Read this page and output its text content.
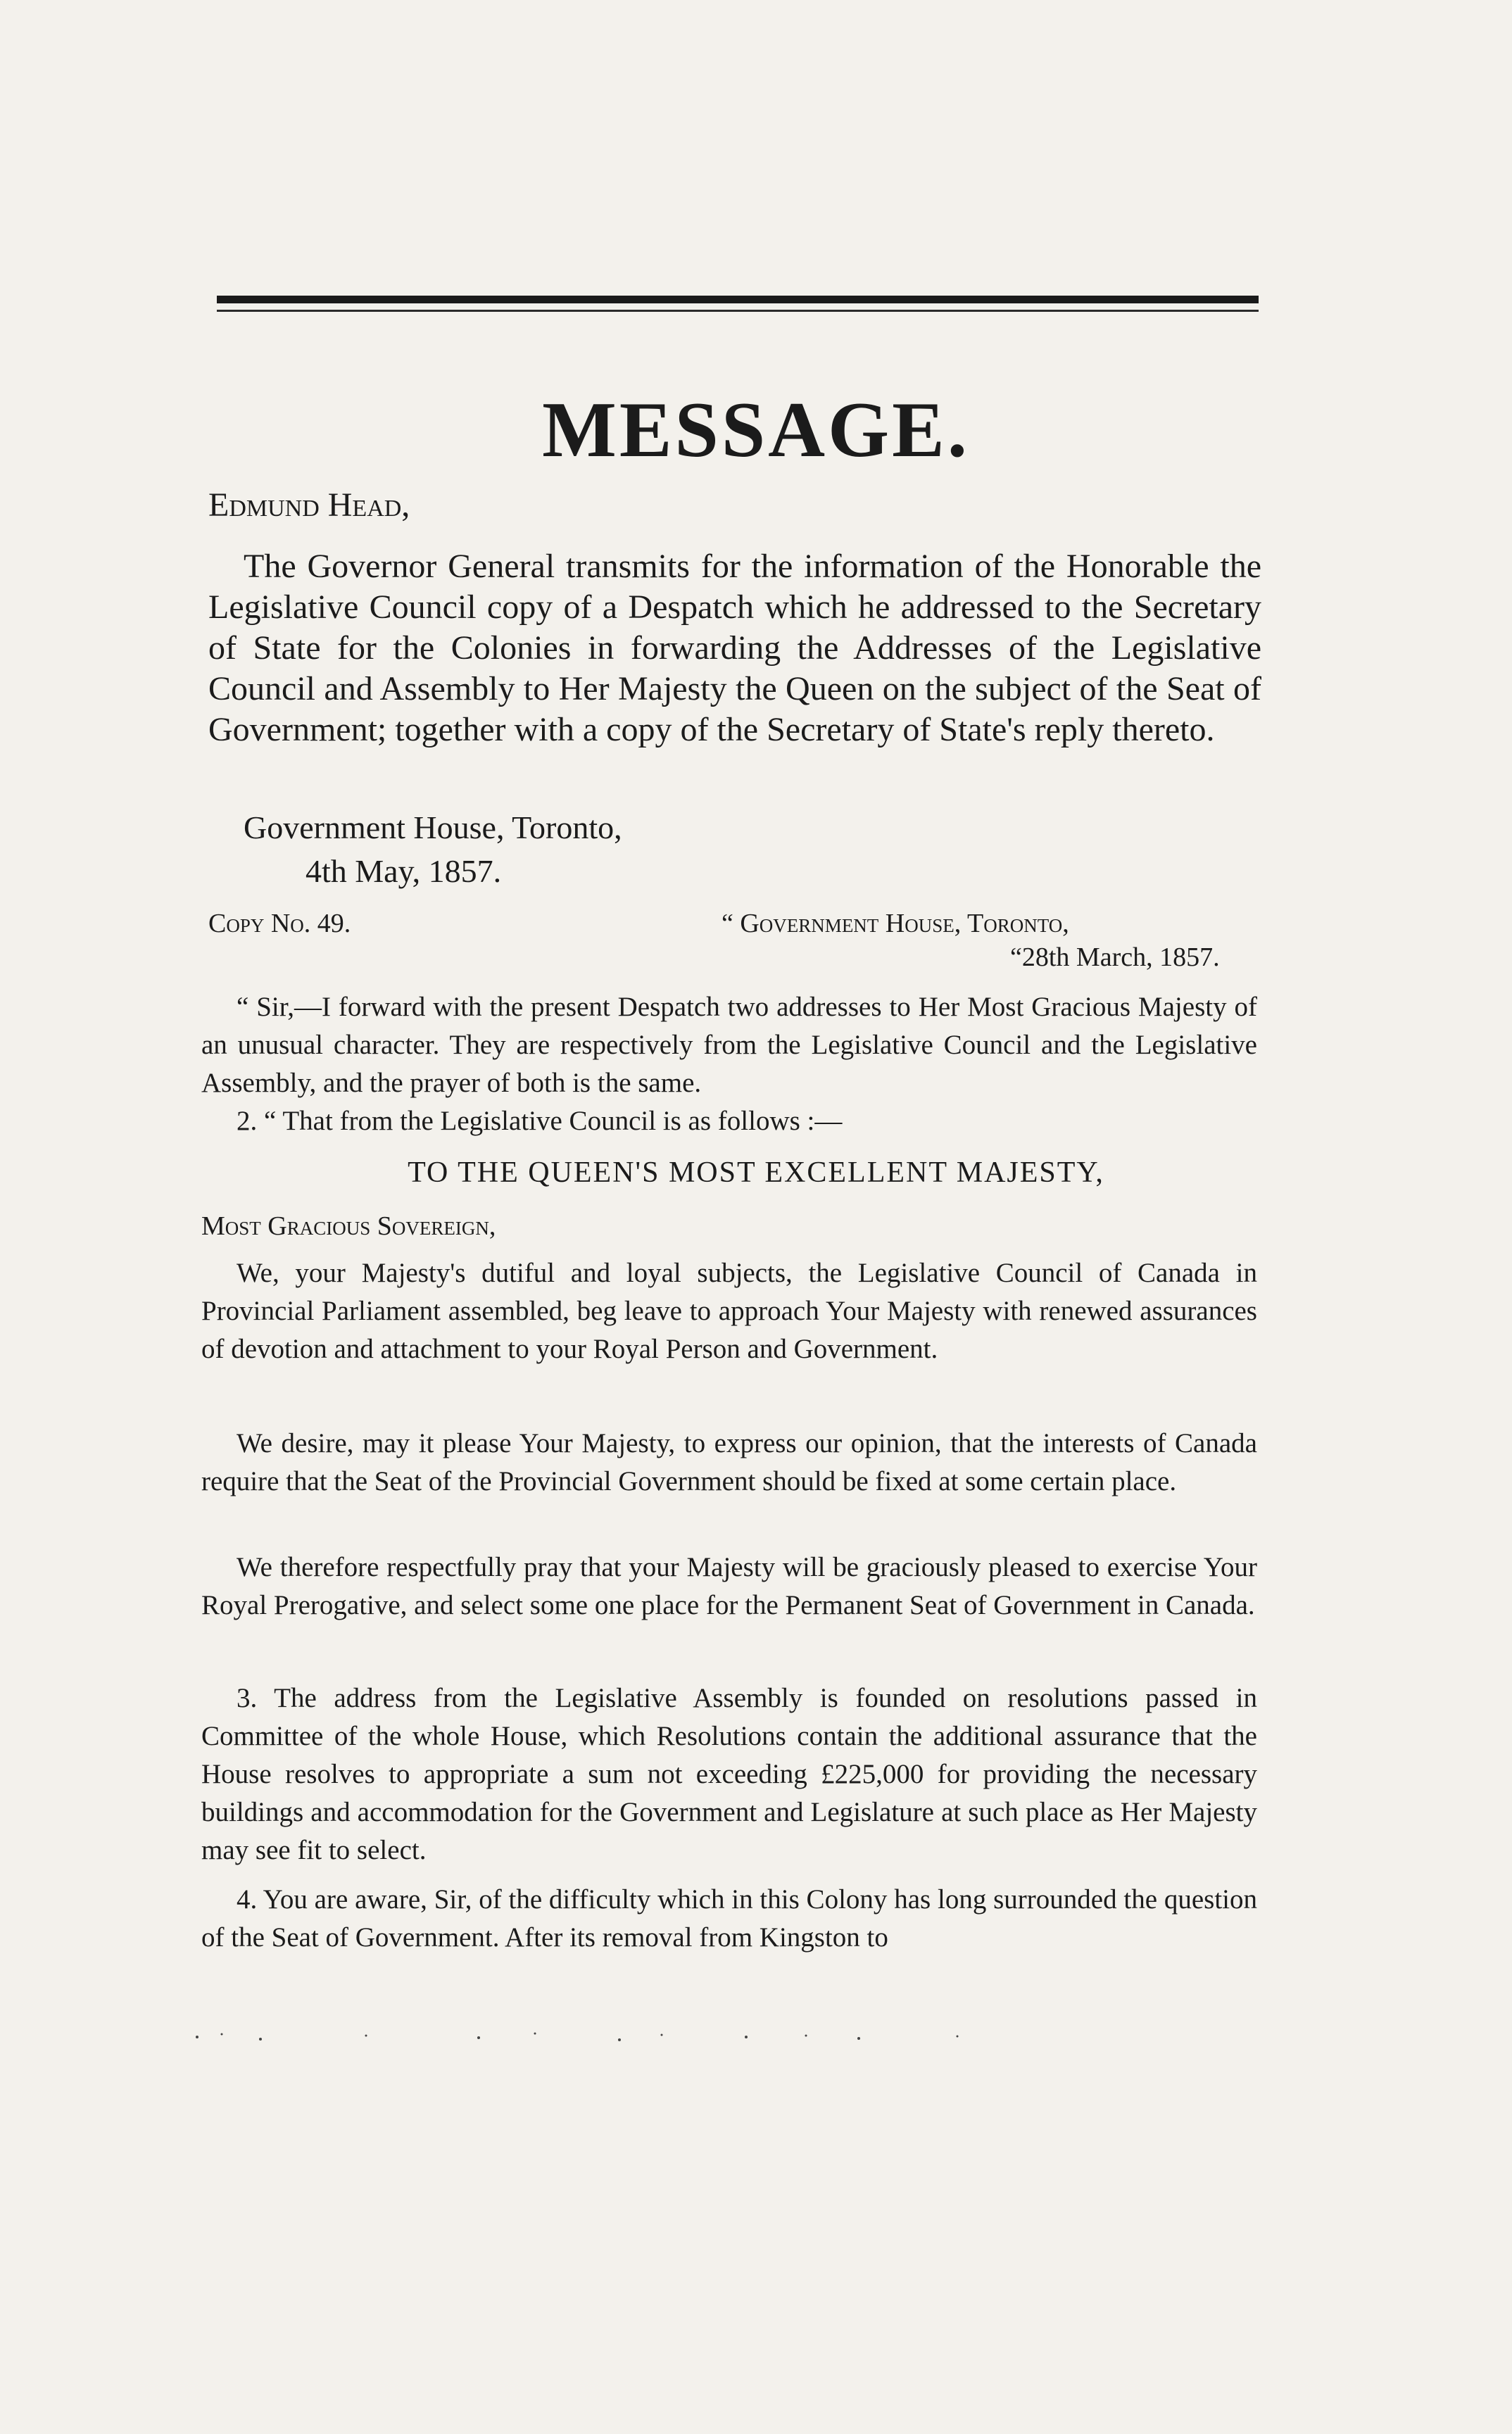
MESSAGE.
Edmund Head,

The Governor General transmits for the information of the Honorable the Legislative Council copy of a Despatch which he addressed to the Secretary of State for the Colonies in forwarding the Addresses of the Legislative Council and Assembly to Her Majesty the Queen on the subject of the Seat of Government; together with a copy of the Secretary of State's reply thereto.

Government House, Toronto,
4th May, 1857.
Copy No. 49.	“ Government House, Toronto,
“28th March, 1857.

“ Sir,—I forward with the present Despatch two addresses to Her Most Gracious Majesty of an unusual character. They are respectively from the Legislative Council and the Legislative Assembly, and the prayer of both is the same.

2. “ That from the Legislative Council is as follows :—

TO THE QUEEN'S MOST EXCELLENT MAJESTY,
Most Gracious Sovereign,

We, your Majesty's dutiful and loyal subjects, the Legislative Council of Canada in Provincial Parliament assembled, beg leave to approach Your Majesty with renewed assurances of devotion and attachment to your Royal Person and Government.

We desire, may it please Your Majesty, to express our opinion, that the interests of Canada require that the Seat of the Provincial Government should be fixed at some certain place.

We therefore respectfully pray that your Majesty will be graciously pleased to exercise Your Royal Prerogative, and select some one place for the Permanent Seat of Government in Canada.

3. The address from the Legislative Assembly is founded on resolutions passed in Committee of the whole House, which Resolutions contain the additional assurance that the House resolves to appropriate a sum not exceeding £225,000 for providing the necessary buildings and accommodation for the Government and Legislature at such place as Her Majesty may see fit to select.

4. You are aware, Sir, of the difficulty which in this Colony has long surrounded the question of the Seat of Government. After its removal from Kingston to
